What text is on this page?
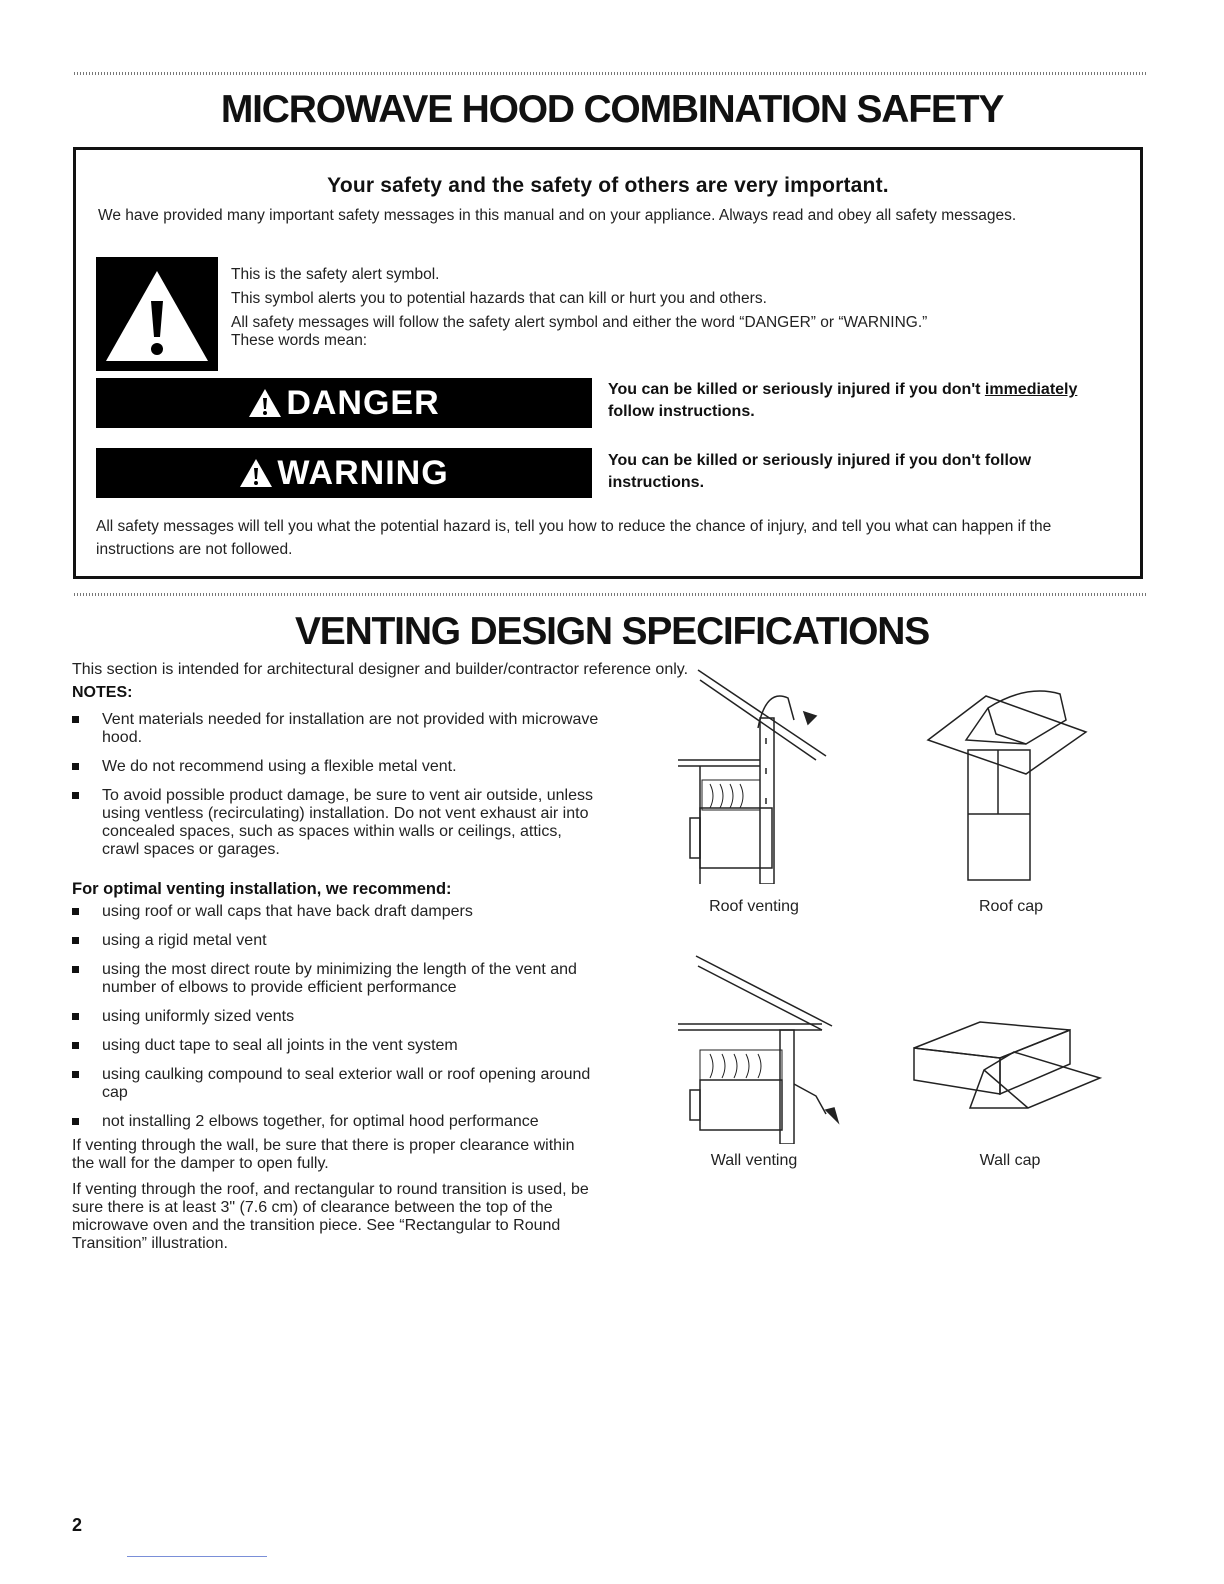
MICROWAVE HOOD COMBINATION SAFETY
Your safety and the safety of others are very important.
We have provided many important safety messages in this manual and on your appliance. Always read and obey all safety messages.
This is the safety alert symbol.
This symbol alerts you to potential hazards that can kill or hurt you and others.
All safety messages will follow the safety alert symbol and either the word “DANGER” or “WARNING.”
These words mean:
DANGER	You can be killed or seriously injured if you don't immediately follow instructions.
WARNING	You can be killed or seriously injured if you don't follow instructions.
All safety messages will tell you what the potential hazard is, tell you how to reduce the chance of injury, and tell you what can happen if the instructions are not followed.
VENTING DESIGN SPECIFICATIONS
This section is intended for architectural designer and builder/contractor reference only.
NOTES:
Vent materials needed for installation are not provided with microwave hood.
We do not recommend using a flexible metal vent.
To avoid possible product damage, be sure to vent air outside, unless using ventless (recirculating) installation. Do not vent exhaust air into concealed spaces, such as spaces within walls or ceilings, attics, crawl spaces or garages.
For optimal venting installation, we recommend:
using roof or wall caps that have back draft dampers
using a rigid metal vent
using the most direct route by minimizing the length of the vent and number of elbows to provide efficient performance
using uniformly sized vents
using duct tape to seal all joints in the vent system
using caulking compound to seal exterior wall or roof opening around cap
not installing 2 elbows together, for optimal hood performance
If venting through the wall, be sure that there is proper clearance within the wall for the damper to open fully.
If venting through the roof, and rectangular to round transition is used, be sure there is at least 3" (7.6 cm) of clearance between the top of the microwave oven and the transition piece. See “Rectangular to Round Transition” illustration.
Roof venting	Roof cap
Wall venting	Wall cap
2
